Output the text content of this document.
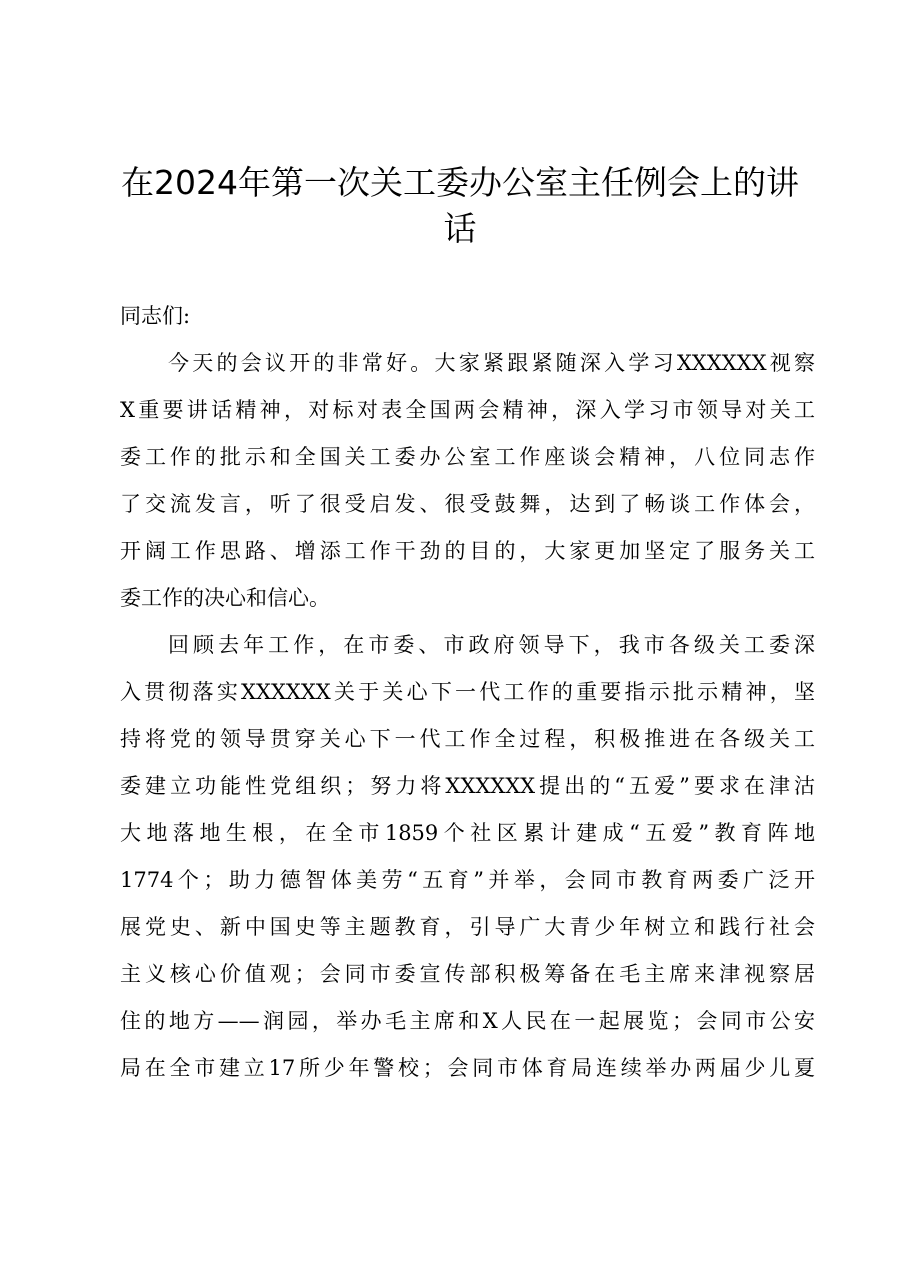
在2024年第一次关工委办公室主任例会上的讲
话
同志们:
今天的会议开的非常好。大家紧跟紧随深入学习XXXXXX视察
X重要讲话精神，对标对表全国两会精神，深入学习市领导对关工
委工作的批示和全国关工委办公室工作座谈会精神，八位同志作
了交流发言，听了很受启发、很受鼓舞，达到了畅谈工作体会，
开阔工作思路、增添工作干劲的目的，大家更加坚定了服务关工
委工作的决心和信心。
回顾去年工作，在市委、市政府领导下，我市各级关工委深
入贯彻落实XXXXXX关于关心下一代工作的重要指示批示精神，坚
持将党的领导贯穿关心下一代工作全过程，积极推进在各级关工
委建立功能性党组织；努力将XXXXXX提出的“五爱”要求在津沽
大地落地生根，在全市1859个社区累计建成“五爱”教育阵地
1774个；助力德智体美劳“五育”并举，会同市教育两委广泛开
展党史、新中国史等主题教育，引导广大青少年树立和践行社会
主义核心价值观；会同市委宣传部积极筹备在毛主席来津视察居
住的地方——润园，举办毛主席和X人民在一起展览；会同市公安
局在全市建立17所少年警校；会同市体育局连续举办两届少儿夏
